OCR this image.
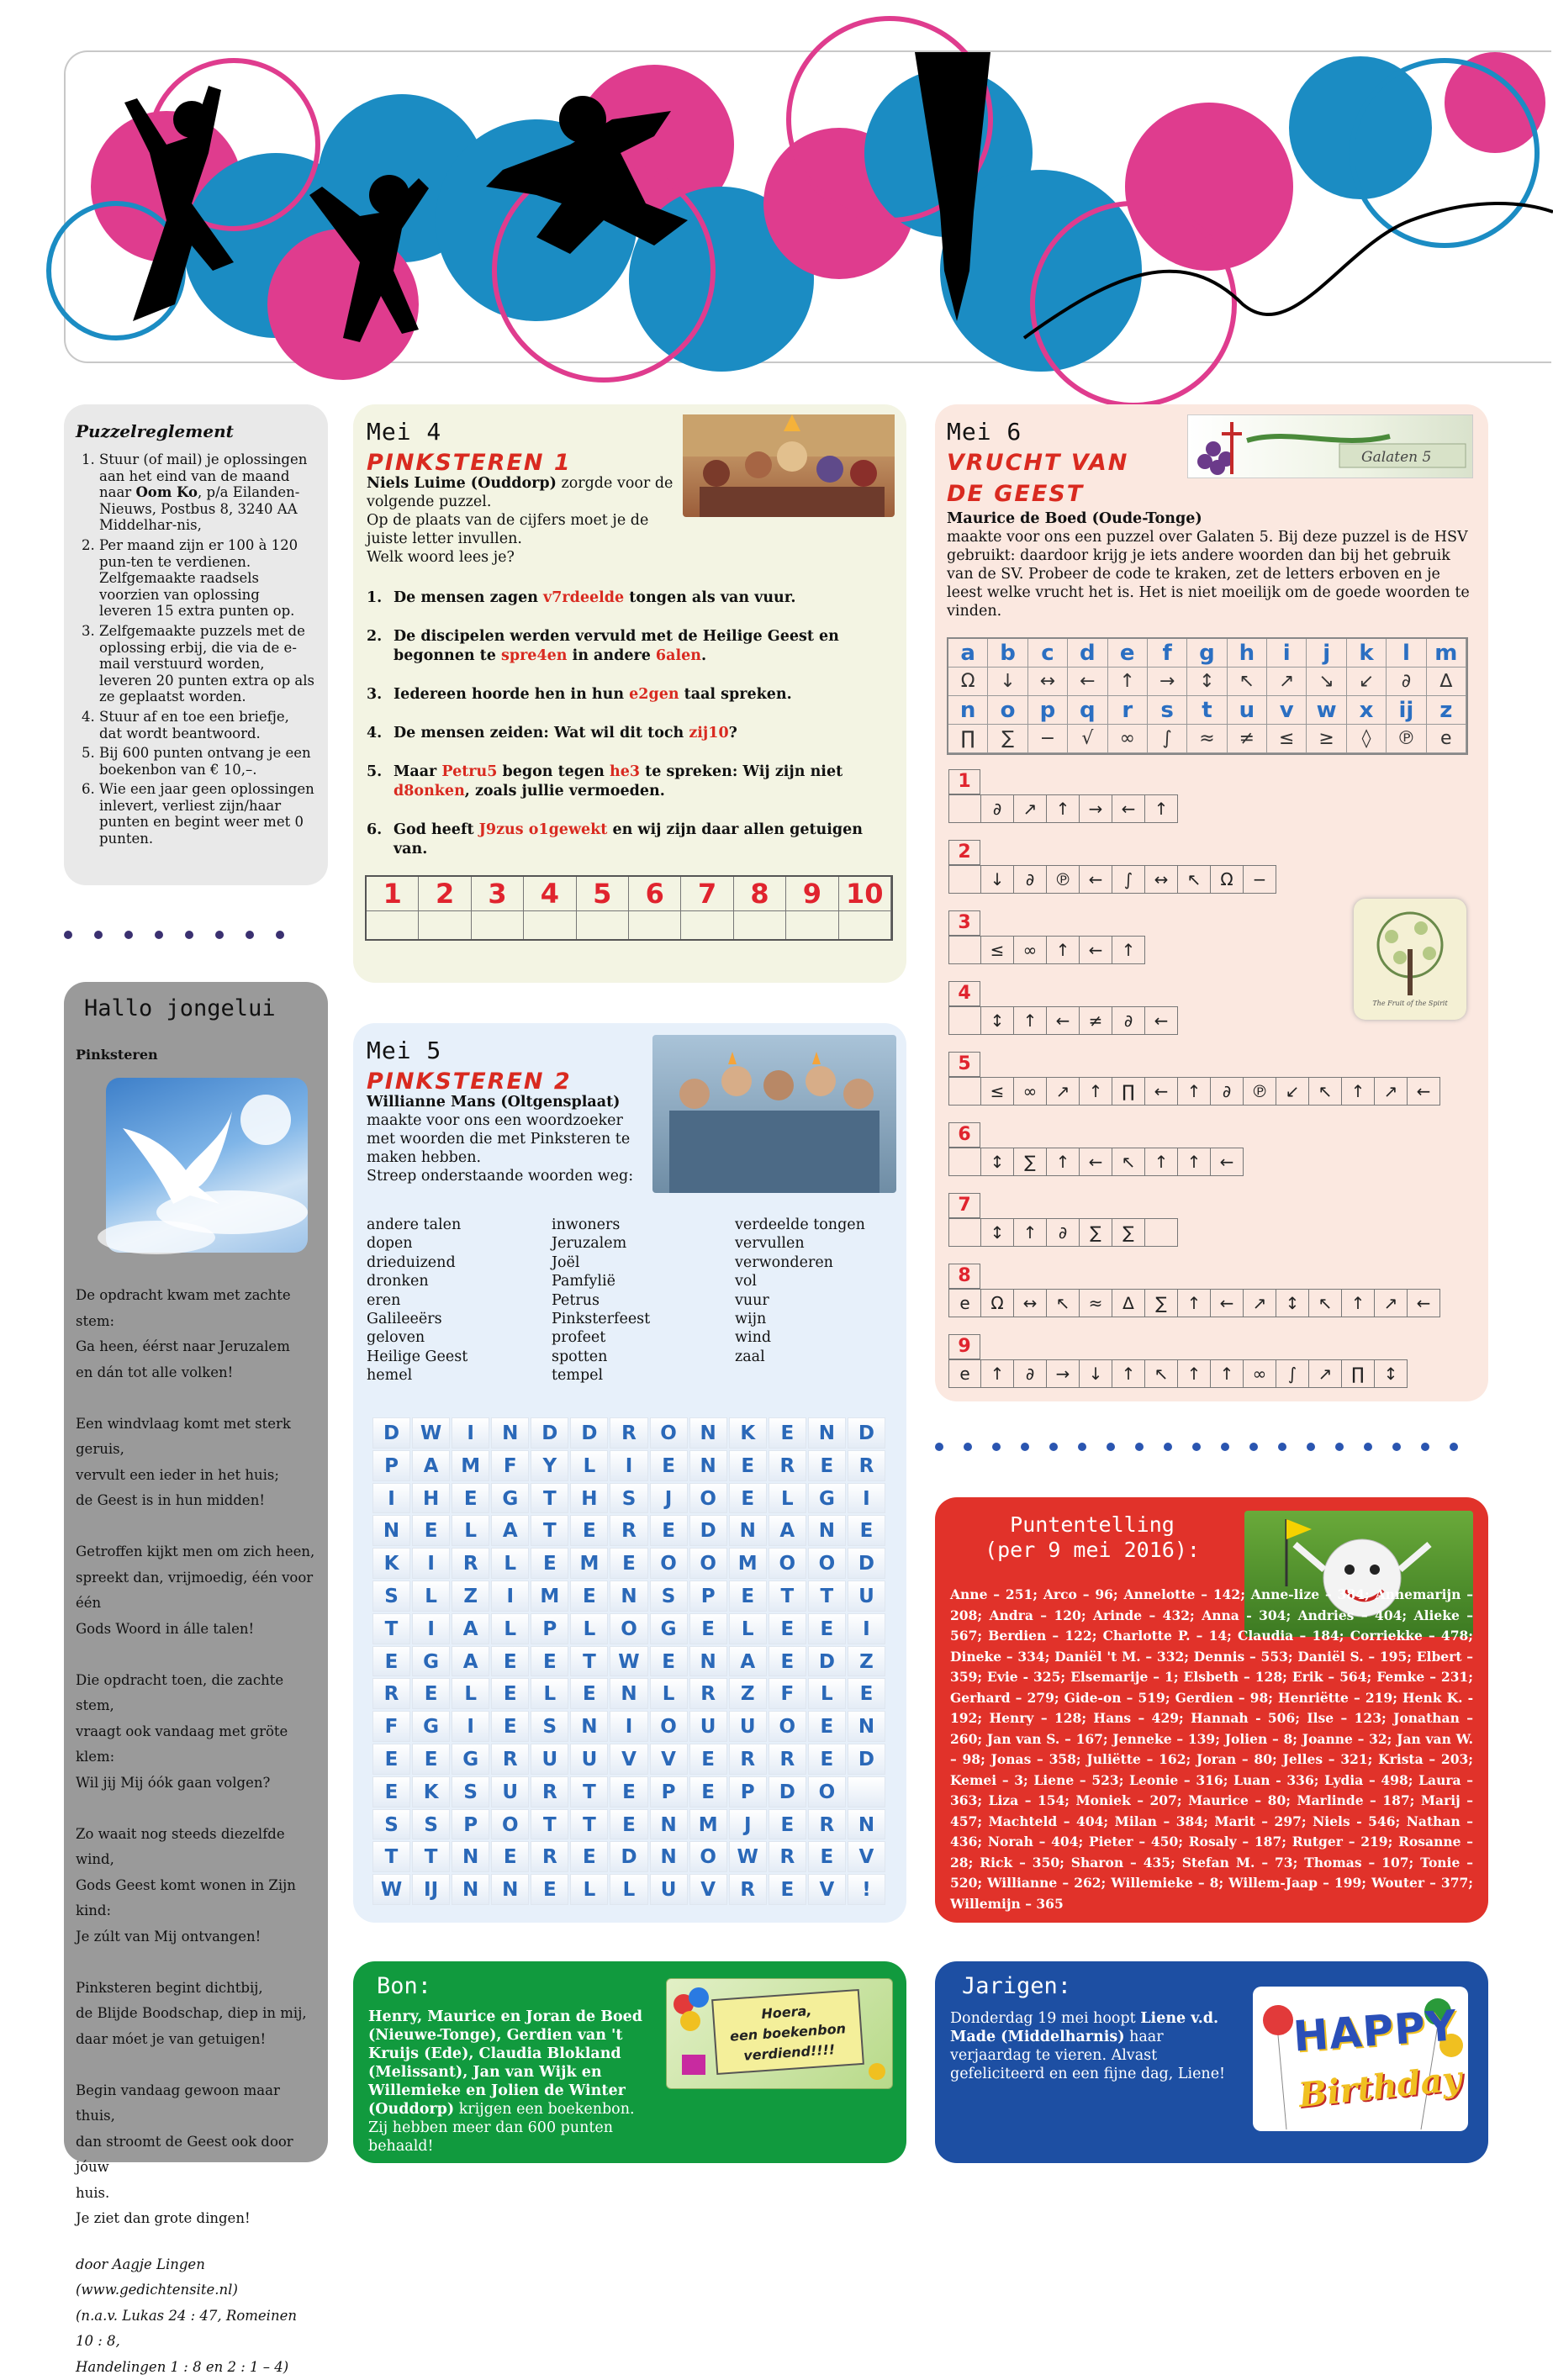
Puzzelreglement
1. Stuur (of mail) je oplossingen aan het eind van de maand naar Oom Ko, p/a Eilanden-Nieuws, Postbus 8, 3240 AA Middelhar-nis,
2. Per maand zijn er 100 à 120 pun-ten te verdienen. Zelfgemaakte raadsels voorzien van oplossing leveren 15 extra punten op.
3. Zelfgemaakte puzzels met de oplossing erbij, die via de e-mail verstuurd worden, leveren 20 punten extra op als ze geplaatst worden.
4. Stuur af en toe een briefje, dat wordt beantwoord.
5. Bij 600 punten ontvang je een boekenbon van € 10,–.
6. Wie een jaar geen oplossingen inlevert, verliest zijn/haar punten en begint weer met 0 punten.
Hallo jongelui
Pinksteren

De opdracht kwam met zachte stem:

Ga heen, éérst naar Jeruzalem

en dán tot alle volken!

Een windvlaag komt met sterk geruis,

vervult een ieder in het huis;

de Geest is in hun midden!

Getroffen kijkt men om zich heen,

spreekt dan, vrijmoedig, één voor één

Gods Woord in álle talen!

Die opdracht toen, die zachte stem,

vraagt ook vandaag met gröte klem:

Wil jij Mij óók gaan volgen?

Zo waait nog steeds diezelfde wind,

Gods Geest komt wonen in Zijn kind:

Je zúlt van Mij ontvangen!

Pinksteren begint dichtbij,

de Blijde Boodschap, diep in mij,

daar móet je van getuigen!

Begin vandaag gewoon maar thuis,

dan stroomt de Geest ook door jóuw

huis.

Je ziet dan grote dingen!

door Aagje Lingen (www.gedichtensite.nl)

(n.a.v. Lukas 24 : 47, Romeinen 10 : 8,

Handelingen 1 : 8 en 2 : 1 – 4)

Mei 4
PINKSTEREN 1
Niels Luime (Ouddorp) zorgde voor de volgende puzzel.
Op de plaats van de cijfers moet je de juiste letter invullen.
Welk woord lees je?
1. De mensen zagen v7rdeelde tongen als van vuur.
2. De discipelen werden vervuld met de Heilige Geest en begonnen te spre4en in andere 6alen.
3. Iedereen hoorde hen in hun e2gen taal spreken.
4. De mensen zeiden: Wat wil dit toch zij10?
5. Maar Petru5 begon tegen he3 te spreken: Wij zijn niet d8onken, zoals jullie vermoeden.
6. God heeft J9zus o1gewekt en wij zijn daar allen getuigen van.
1	2	3	4	5	6	7	8	9 10
Mei 5
PINKSTEREN 2
Willianne Mans (Oltgensplaat)
maakte voor ons een woordzoeker met woorden die met Pinksteren te maken hebben.
Streep onderstaande woorden weg:
andere talen
dopen
drieduizend
dronken
eren
Galileeërs
geloven
Heilige Geest
hemel
inwoners
Jeruzalem
Joël
Pamfylië
Petrus
Pinksterfeest
profeet
spotten
tempel
verdeelde tongen
vervullen
verwonderen
vol
vuur
wijn
wind
zaal
D	W	I	N	D	D	R	O	N	K	E	N	D
P	A	M	F	Y	L	I	E	N	E	R	E	R
I	H	E	G	T	H	S	J	O	E	L	G	I
N	E	L	A	T	E	R	E	D	N	A	N	E
K	I	R	L	E	M	E	O	O	M	O	O	D
S	L	Z	I	M	E	N	S	P	E	T	T	U
T	I	A	L	P	L	O	G	E	L	E	E	I
E	G	A	E	E	T	W	E	N	A	E	D	Z
R	E	L	E	L	E	N	L	R	Z	F	L	E
F	G	I	E	S	N	I	O	U	U	O	E	N
E	E	G	R	U	U	V	V	E	R	R	E	D
E	K	S	U	R	T	E	P	E	P	D	O
S	S	P	O	T	T	E	N	M	J	E	R	N
T	T	N	E	R	E	D	N	O	W	R	E	V
W	IJ	N	N	E	L	L	U	V	R	E	V	!
Mei 6
VRUCHT VAN
DE GEEST
Galaten 5
Maurice de Boed (Oude-Tonge)
maakte voor ons een puzzel over Galaten 5. Bij deze puzzel is de HSV gebruikt: daardoor krijg je iets andere woorden dan bij het gebruik van de SV. Probeer de code te kraken, zet de letters erboven en je leest welke vrucht het is. Het is niet moeilijk om de goede woorden te vinden.
a	b	c	d	e	f	g	h	i	j	k	l	m
Ω	↓	↔	←	↑	→	↕	↖	↗	↘	↙	∂	∆
n	o	p	q	r	s	t	u	v	w	x	ij	z
∏	∑	−	√	∞	∫	≈	≠	≤	≥	◊	℗	e
1
∂	↗	↑	→	←	↑
2
↓	∂	℗	←	∫	↔	↖	Ω	−
3
≤	∞	↑	←	↑
4
↕	↑	←	≠	∂	←
5
≤	∞	↗	↑	∏	←	↑	∂	℗	↙	↖	↑	↗	←
6
↕	∑	↑	←	↖	↑	↑	←
7
↕	↑	∂	∑	∑
8
e	Ω	↔	↖	≈	∆	∑	↑	←	↗	↕	↖	↑	↗	←
9
e	↑	∂	→	↓	↑	↖	↑	↑	∞	∫	↗	∏	↕
The Fruit of the Spirit
Puntentelling
(per 9 mei 2016):
Anne – 251; Arco – 96; Annelotte – 142; Anne-lize – 384; Annemarijn – 208; Andra – 120; Arinde – 432; Anna - 304; Andries – 404; Alieke – 567; Berdien – 122; Charlotte P. – 14; Claudia – 184; Corriekke – 478; Dineke – 334; Daniël 't M. – 332; Dennis – 553; Daniël S. – 195; Elbert – 359; Evie - 325; Elsemarije – 1; Elsbeth – 128; Erik – 564; Femke – 231; Gerhard – 279; Gide-on – 519; Gerdien – 98; Henriëtte – 219; Henk K. - 192; Henry – 128; Hans – 429; Hannah - 506; Ilse – 123; Jonathan – 260; Jan van S. – 167; Jenneke – 139; Jolien – 8; Joanne – 32; Jan van W. – 98; Jonas – 358; Juliëtte – 162; Joran – 80; Jelles – 321; Krista – 203; Kemei – 3; Liene – 523; Leonie – 316; Luan - 336; Lydia – 498; Laura – 363; Liza – 154; Moniek – 207; Maurice – 80; Marlinde – 187; Marij – 457; Machteld – 404; Milan – 384; Marit – 297; Niels - 546; Nathan – 436; Norah – 404; Pieter – 450; Rosaly – 187; Rutger – 219; Rosanne – 28; Rick – 350; Sharon – 435; Stefan M. – 73; Thomas – 107; Tonie – 520; Willianne – 262; Willemieke – 8; Willem-Jaap – 199; Wouter – 377; Willemijn – 365
Bon:
Henry, Maurice en Joran de Boed (Nieuwe-Tonge), Gerdien van 't Kruijs (Ede), Claudia Blokland (Melissant), Jan van Wijk en Willemieke en Jolien de Winter (Ouddorp) krijgen een boekenbon. Zij hebben meer dan 600 punten behaald!
Hoera,
een boekenbon
verdiend!!!!
Jarigen:
Donderdag 19 mei hoopt Liene v.d. Made (Middelharnis) haar verjaardag te vieren. Alvast gefeliciteerd en een fijne dag, Liene!
HAPPY
Birthday
